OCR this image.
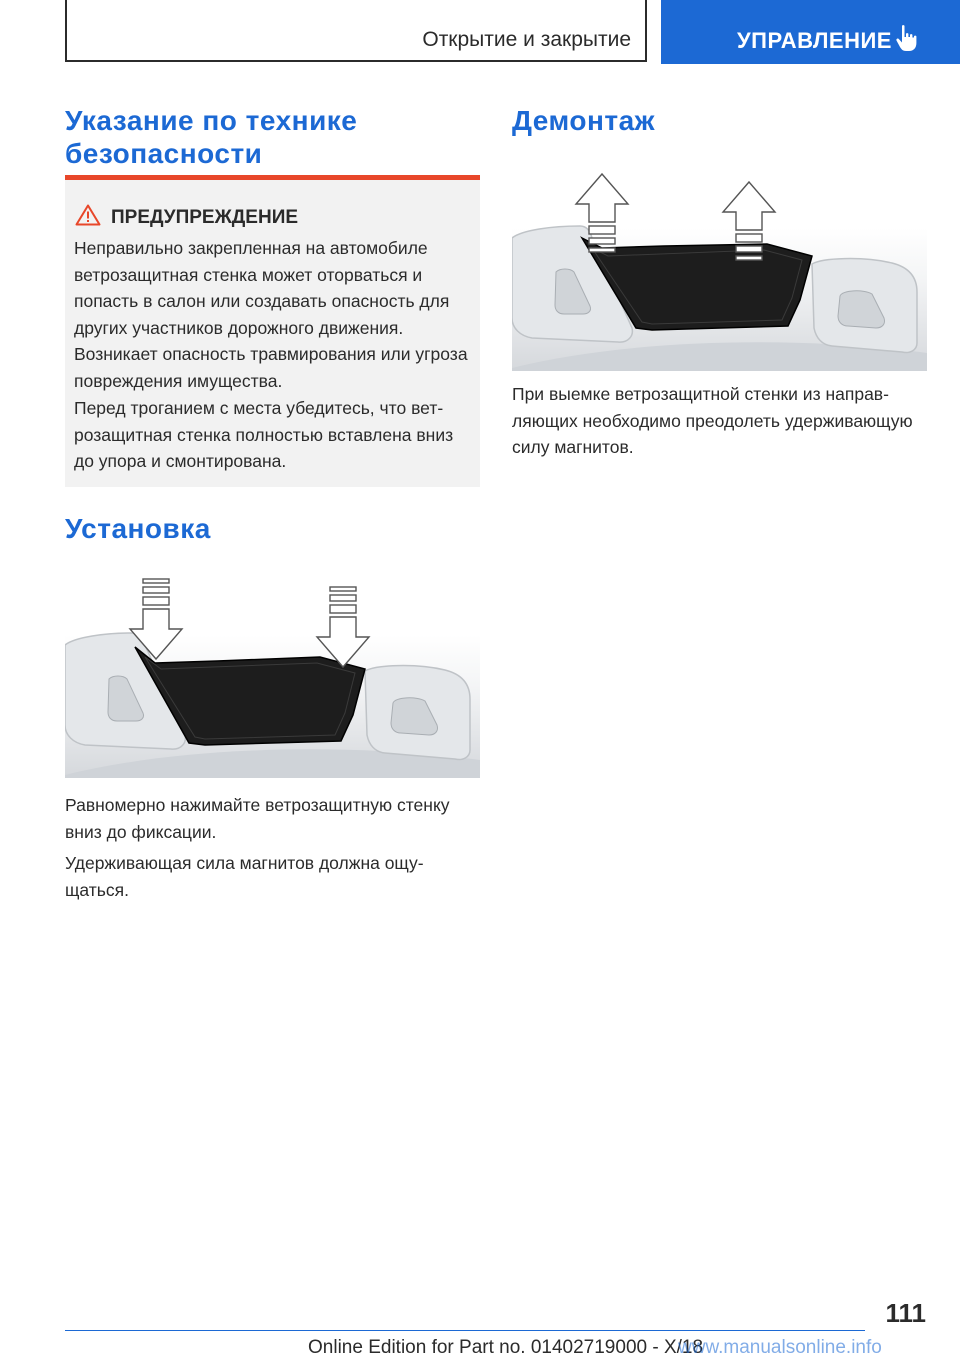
Открытие и закрытие	УПРАВЛЕНИЕ
Указание по технике безопасности
ПРЕДУПРЕЖДЕНИЕ

Неправильно закрепленная на автомобиле ветрозащитная стенка может оторваться и попасть в салон или создавать опасность для других участников дорожного движения. Возникает опасность травмирования или угроза повреждения имущества.

Перед троганием с места убедитесь, что ветрозащитная стенка полностью вставлена вниз до упора и смонтирована.

Установка

Равномерно нажимайте ветрозащитную стенку вниз до фиксации.

Удерживающая сила магнитов должна ощущаться.

Демонтаж

При выемке ветрозащитной стенки из направляющих необходимо преодолеть удерживающую силу магнитов.

111
Online Edition for Part no. 01402719000 - X/18
www.manualsonline.info
